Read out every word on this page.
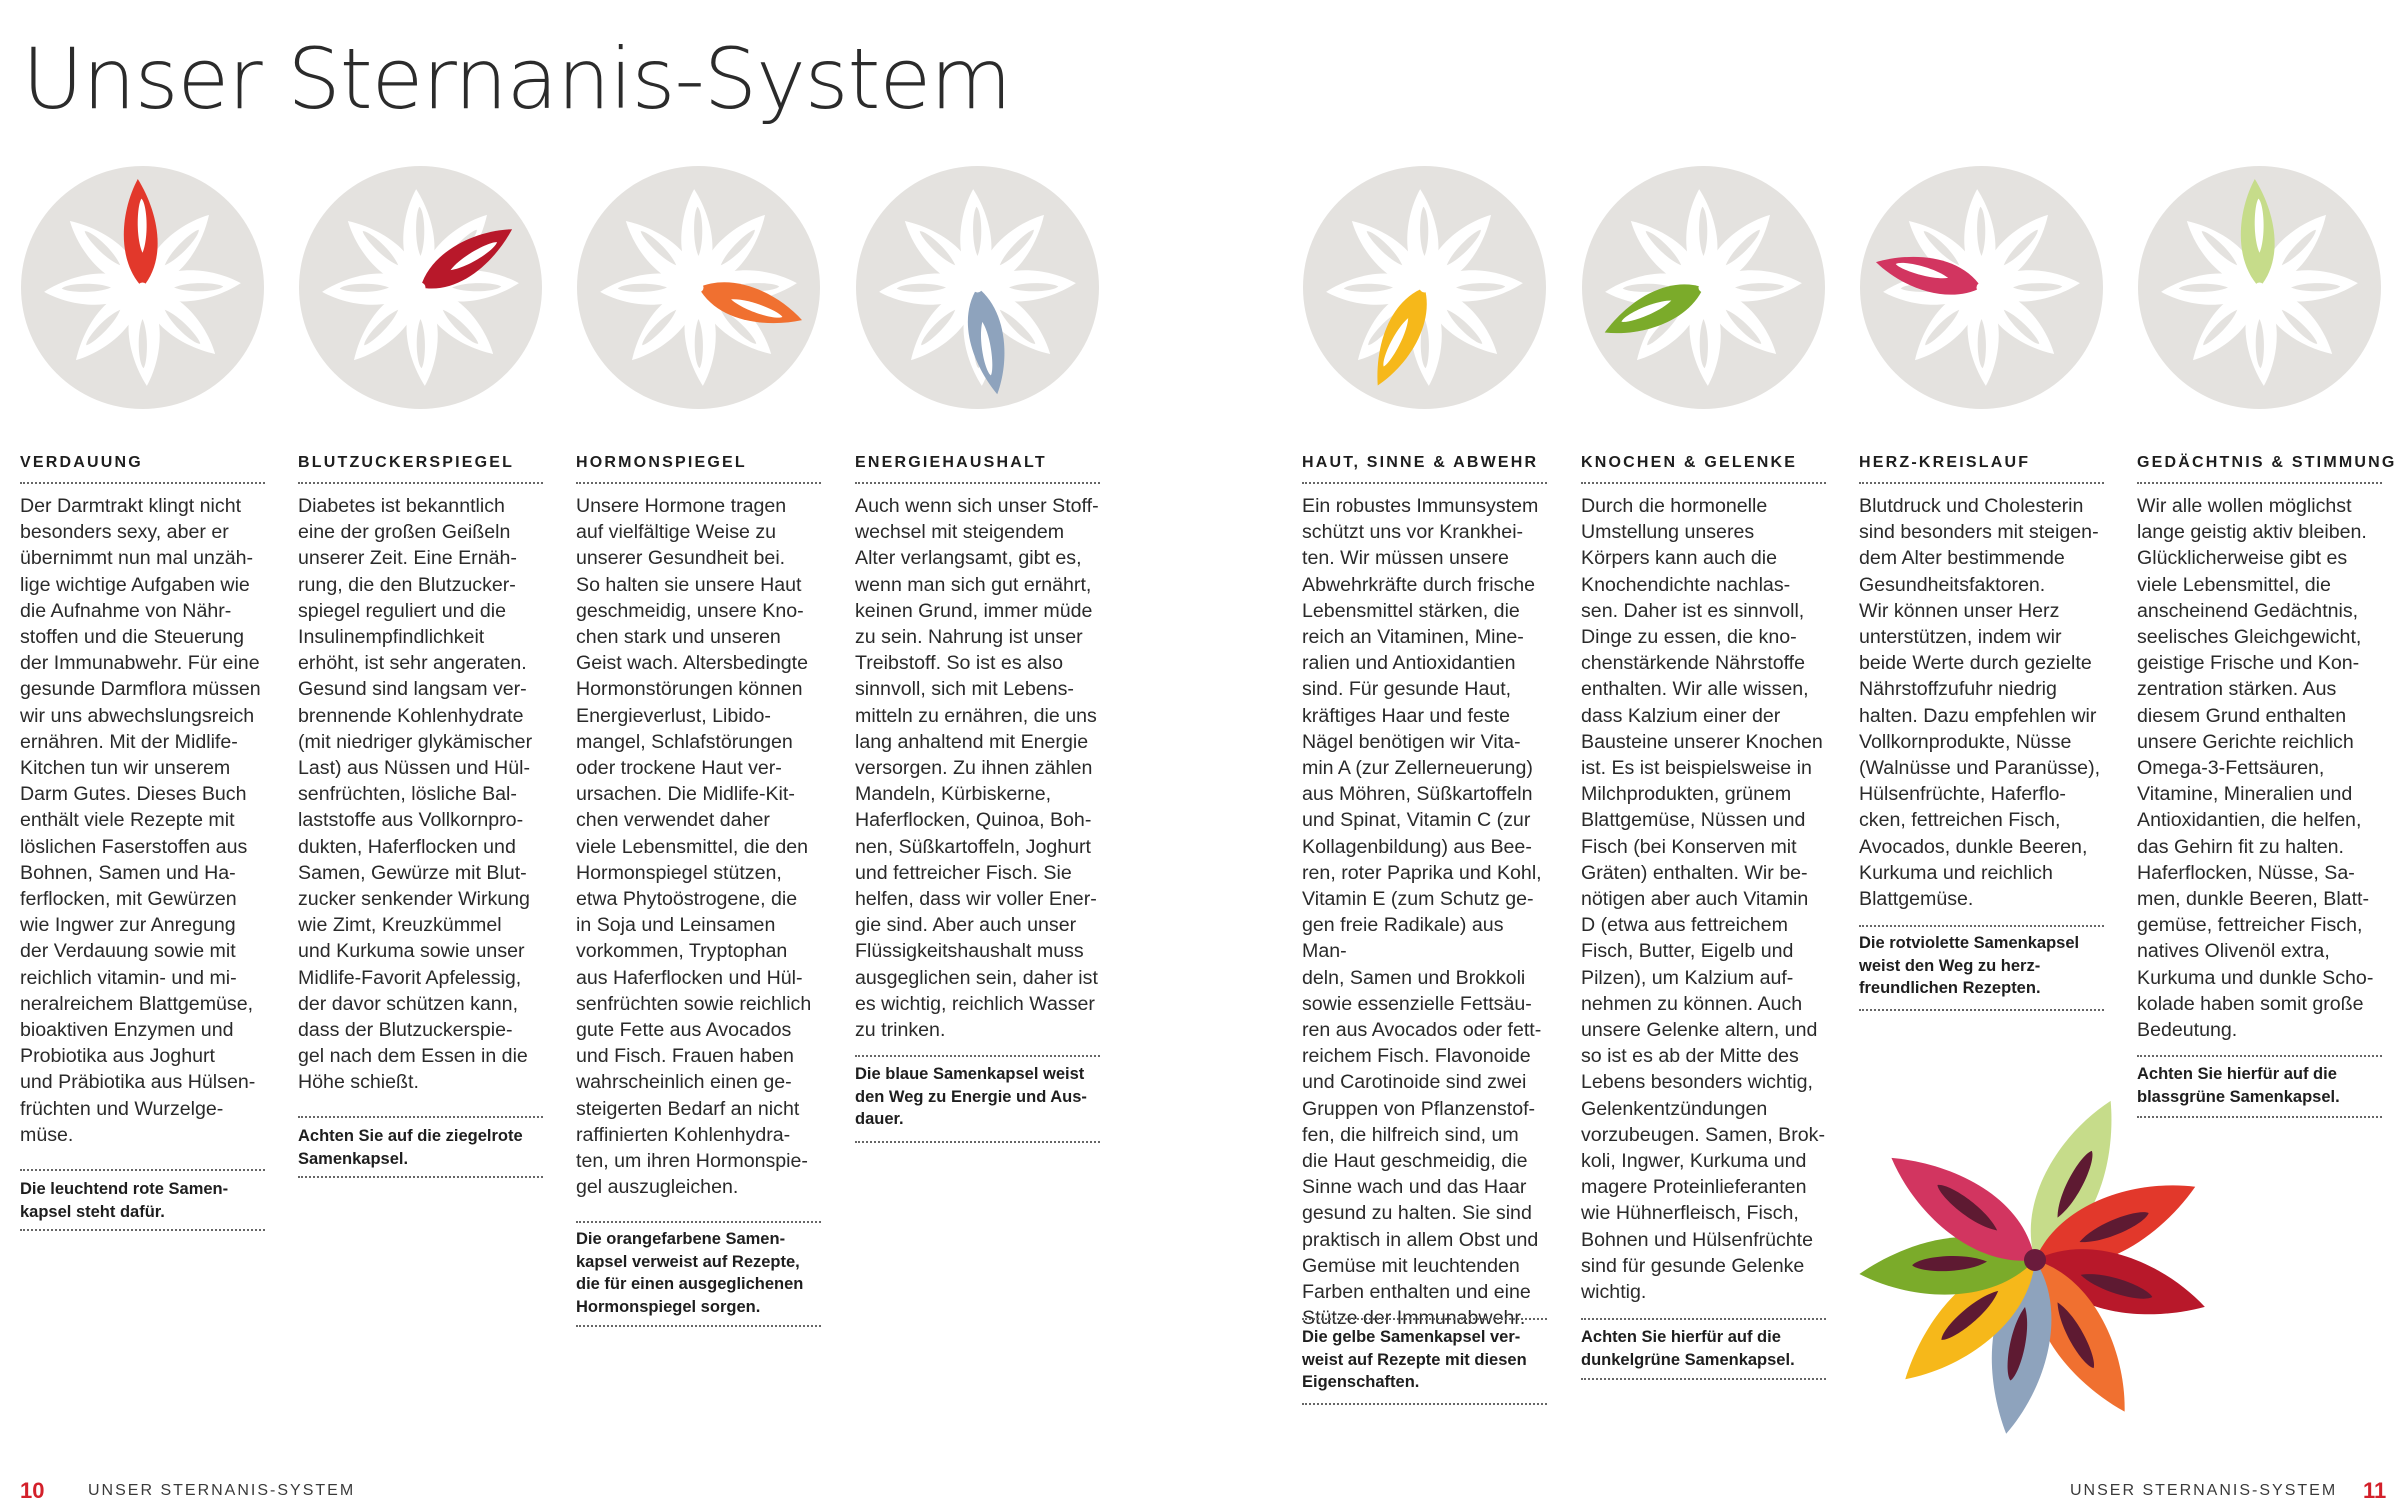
Unser Sternanis-System
VERDAUUNG

Der Darmtrakt klingt nicht
besonders sexy, aber er
übernimmt nun mal unzäh-
lige wichtige Aufgaben wie
die Aufnahme von Nähr-
stoffen und die Steuerung
der Immunabwehr. Für eine
gesunde Darmflora müssen
wir uns abwechslungsreich
ernähren. Mit der Midlife-
Kitchen tun wir unserem
Darm Gutes. Dieses Buch
enthält viele Rezepte mit
löslichen Faserstoffen aus
Bohnen, Samen und Ha-
ferflocken, mit Gewürzen
wie Ingwer zur Anregung
der Verdauung sowie mit
reichlich vitamin- und mi-
neralreichem Blattgemüse,
bioaktiven Enzymen und
Probiotika aus Joghurt
und Präbiotika aus Hülsen-
früchten und Wurzelge-
müse.

Die leuchtend rote Samen-
kapsel steht dafür.

BLUTZUCKERSPIEGEL

Diabetes ist bekanntlich
eine der großen Geißeln
unserer Zeit. Eine Ernäh-
rung, die den Blutzucker-
spiegel reguliert und die
Insulinempfindlichkeit
erhöht, ist sehr angeraten.
Gesund sind langsam ver-
brennende Kohlenhydrate
(mit niedriger glykämischer
Last) aus Nüssen und Hül-
senfrüchten, lösliche Bal-
laststoffe aus Vollkornpro-
dukten, Haferflocken und
Samen, Gewürze mit Blut-
zucker senkender Wirkung
wie Zimt, Kreuzkümmel
und Kurkuma sowie unser
Midlife-Favorit Apfelessig,
der davor schützen kann,
dass der Blutzuckerspie-
gel nach dem Essen in die
Höhe schießt.

Achten Sie auf die ziegelrote
Samenkapsel.

HORMONSPIEGEL

Unsere Hormone tragen
auf vielfältige Weise zu
unserer Gesundheit bei.
So halten sie unsere Haut
geschmeidig, unsere Kno-
chen stark und unseren
Geist wach. Altersbedingte
Hormonstörungen können
Energieverlust, Libido-
mangel, Schlafstörungen
oder trockene Haut ver-
ursachen. Die Midlife-Kit-
chen verwendet daher
viele Lebensmittel, die den
Hormonspiegel stützen,
etwa Phytoöstrogene, die
in Soja und Leinsamen
vorkommen, Tryptophan
aus Haferflocken und Hül-
senfrüchten sowie reichlich
gute Fette aus Avocados
und Fisch. Frauen haben
wahrscheinlich einen ge-
steigerten Bedarf an nicht
raffinierten Kohlenhydra-
ten, um ihren Hormonspie-
gel auszugleichen.

Die orangefarbene Samen-
kapsel verweist auf Rezepte,
die für einen ausgeglichenen
Hormonspiegel sorgen.

ENERGIEHAUSHALT

Auch wenn sich unser Stoff-
wechsel mit steigendem
Alter verlangsamt, gibt es,
wenn man sich gut ernährt,
keinen Grund, immer müde
zu sein. Nahrung ist unser
Treibstoff. So ist es also
sinnvoll, sich mit Lebens-
mitteln zu ernähren, die uns
lang anhaltend mit Energie
versorgen. Zu ihnen zählen
Mandeln, Kürbiskerne,
Haferflocken, Quinoa, Boh-
nen, Süßkartoffeln, Joghurt
und fettreicher Fisch. Sie
helfen, dass wir voller Ener-
gie sind. Aber auch unser
Flüssigkeitshaushalt muss
ausgeglichen sein, daher ist
es wichtig, reichlich Wasser
zu trinken.

Die blaue Samenkapsel weist
den Weg zu Energie und Aus-
dauer.

HAUT, SINNE & ABWEHR

Ein robustes Immunsystem
schützt uns vor Krankhei-
ten. Wir müssen unsere
Abwehrkräfte durch frische
Lebensmittel stärken, die
reich an Vitaminen, Mine-
ralien und Antioxidantien
sind. Für gesunde Haut,
kräftiges Haar und feste
Nägel benötigen wir Vita-
min A (zur Zellerneuerung)
aus Möhren, Süßkartoffeln
und Spinat, Vitamin C (zur
Kollagenbildung) aus Bee-
ren, roter Paprika und Kohl,
Vitamin E (zum Schutz ge-
gen freie Radikale) aus Man-
deln, Samen und Brokkoli
sowie essenzielle Fettsäu-
ren aus Avocados oder fett-
reichem Fisch. Flavonoide
und Carotinoide sind zwei
Gruppen von Pflanzenstof-
fen, die hilfreich sind, um
die Haut geschmeidig, die
Sinne wach und das Haar
gesund zu halten. Sie sind
praktisch in allem Obst und
Gemüse mit leuchtenden
Farben enthalten und eine
Stütze der Immunabwehr.

Die gelbe Samenkapsel ver-
weist auf Rezepte mit diesen
Eigenschaften.

KNOCHEN & GELENKE

Durch die hormonelle
Umstellung unseres
Körpers kann auch die
Knochendichte nachlas-
sen. Daher ist es sinnvoll,
Dinge zu essen, die kno-
chenstärkende Nährstoffe
enthalten. Wir alle wissen,
dass Kalzium einer der
Bausteine unserer Knochen
ist. Es ist beispielsweise in
Milchprodukten, grünem
Blattgemüse, Nüssen und
Fisch (bei Konserven mit
Gräten) enthalten. Wir be-
nötigen aber auch Vitamin
D (etwa aus fettreichem
Fisch, Butter, Eigelb und
Pilzen), um Kalzium auf-
nehmen zu können. Auch
unsere Gelenke altern, und
so ist es ab der Mitte des
Lebens besonders wichtig,
Gelenkentzündungen
vorzubeugen. Samen, Brok-
koli, Ingwer, Kurkuma und
magere Proteinlieferanten
wie Hühnerfleisch, Fisch,
Bohnen und Hülsenfrüchte
sind für gesunde Gelenke
wichtig.

Achten Sie hierfür auf die
dunkelgrüne Samenkapsel.

HERZ-KREISLAUF

Blutdruck und Cholesterin
sind besonders mit steigen-
dem Alter bestimmende
Gesundheitsfaktoren.
Wir können unser Herz
unterstützen, indem wir
beide Werte durch gezielte
Nährstoffzufuhr niedrig
halten. Dazu empfehlen wir
Vollkornprodukte, Nüsse
(Walnüsse und Paranüsse),
Hülsenfrüchte, Haferflo-
cken, fettreichen Fisch,
Avocados, dunkle Beeren,
Kurkuma und reichlich
Blattgemüse.

Die rotviolette Samenkapsel
weist den Weg zu herz-
freundlichen Rezepten.

GEDÄCHTNIS & STIMMUNG

Wir alle wollen möglichst
lange geistig aktiv bleiben.
Glücklicherweise gibt es
viele Lebensmittel, die
anscheinend Gedächtnis,
seelisches Gleichgewicht,
geistige Frische und Kon-
zentration stärken. Aus
diesem Grund enthalten
unsere Gerichte reichlich
Omega-3-Fettsäuren,
Vitamine, Mineralien und
Antioxidantien, die helfen,
das Gehirn fit zu halten.
Haferflocken, Nüsse, Sa-
men, dunkle Beeren, Blatt-
gemüse, fettreicher Fisch,
natives Olivenöl extra,
Kurkuma und dunkle Scho-
kolade haben somit große
Bedeutung.

Achten Sie hierfür auf die
blassgrüne Samenkapsel.

10	UNSER STERNANIS-SYSTEM	UNSER STERNANIS-SYSTEM 11
